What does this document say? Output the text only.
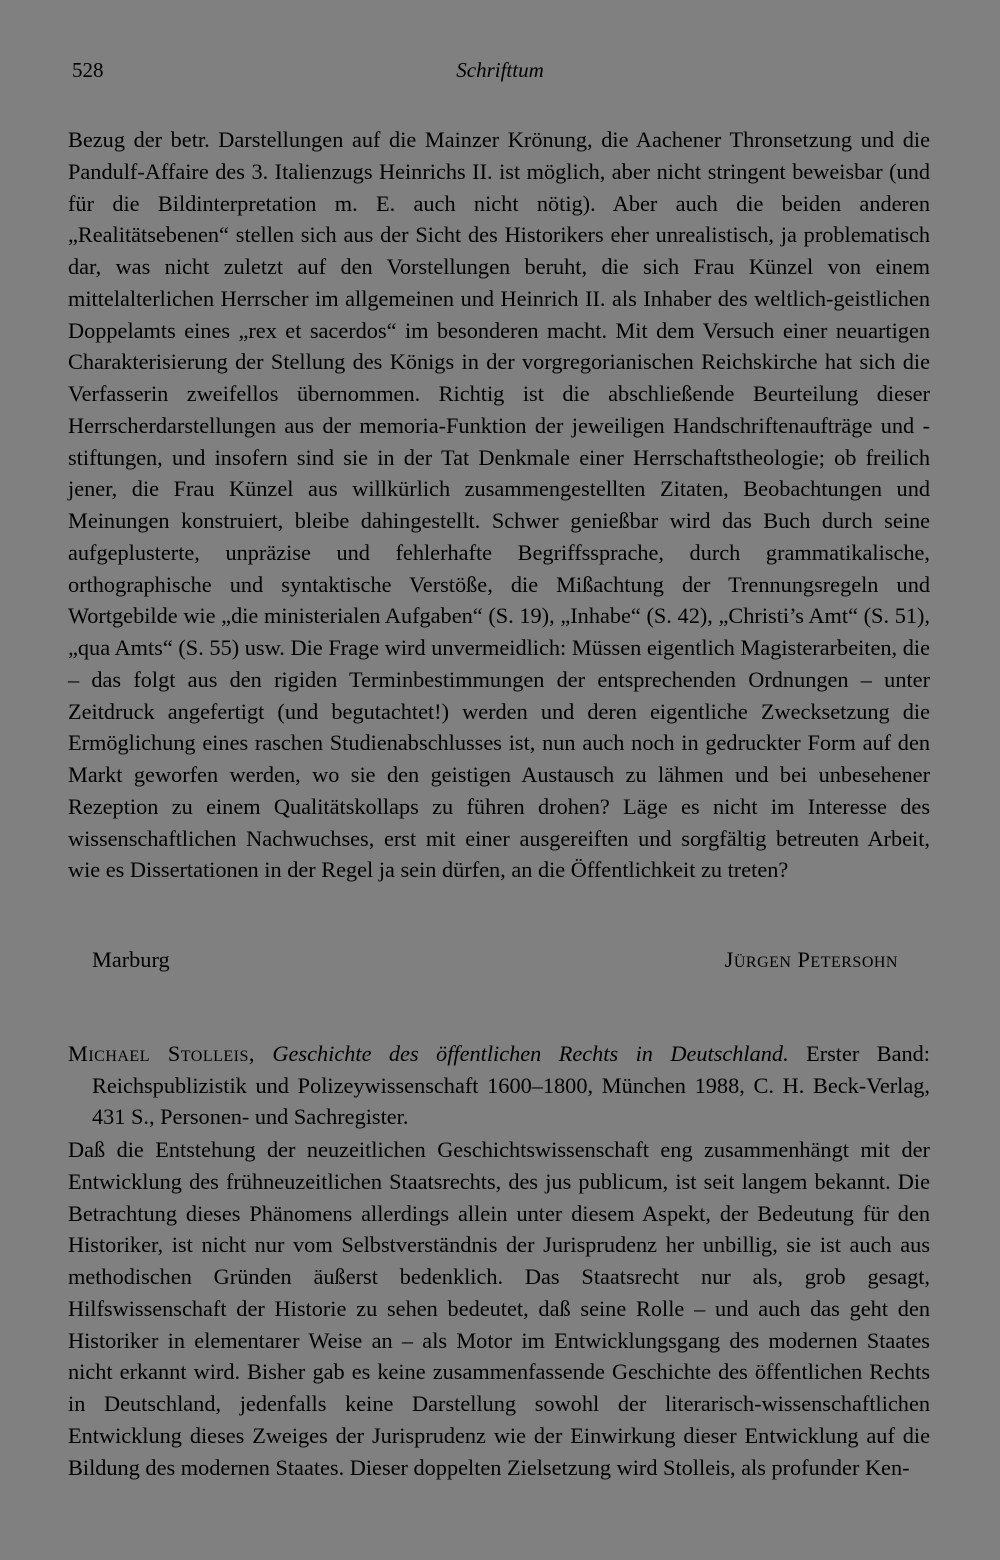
528	Schrifttum

Bezug der betr. Darstellungen auf die Mainzer Krönung, die Aachener Thronsetzung und die Pandulf-Affaire des 3. Italienzugs Heinrichs II. ist möglich, aber nicht stringent beweisbar (und für die Bildinterpretation m. E. auch nicht nötig). Aber auch die beiden anderen „Realitätsebenen“ stellen sich aus der Sicht des Historikers eher unrealistisch, ja problematisch dar, was nicht zuletzt auf den Vorstellungen beruht, die sich Frau Künzel von einem mittelalterlichen Herrscher im allgemeinen und Heinrich II. als Inhaber des weltlich-geistlichen Doppelamts eines „rex et sacerdos“ im besonderen macht. Mit dem Versuch einer neuartigen Charakterisierung der Stellung des Königs in der vorgregorianischen Reichskirche hat sich die Verfasserin zweifellos übernommen. Richtig ist die abschließende Beurteilung dieser Herrscherdarstellungen aus der memoria-Funktion der jeweiligen Handschriftenaufträge und -stiftungen, und insofern sind sie in der Tat Denkmale einer Herrschaftstheologie; ob freilich jener, die Frau Künzel aus willkürlich zusammengestellten Zitaten, Beobachtungen und Meinungen konstruiert, bleibe dahingestellt. Schwer genießbar wird das Buch durch seine aufgeplusterte, unpräzise und fehlerhafte Begriffssprache, durch grammatikalische, orthographische und syntaktische Verstöße, die Mißachtung der Trennungsregeln und Wortgebilde wie „die ministerialen Aufgaben“ (S. 19), „Inhabe“ (S. 42), „Christi’s Amt“ (S. 51), „qua Amts“ (S. 55) usw. Die Frage wird unvermeidlich: Müssen eigentlich Magisterarbeiten, die – das folgt aus den rigiden Terminbestimmungen der entsprechenden Ordnungen – unter Zeitdruck angefertigt (und begutachtet!) werden und deren eigentliche Zwecksetzung die Ermöglichung eines raschen Studienabschlusses ist, nun auch noch in gedruckter Form auf den Markt geworfen werden, wo sie den geistigen Austausch zu lähmen und bei unbesehener Rezeption zu einem Qualitätskollaps zu führen drohen? Läge es nicht im Interesse des wissenschaftlichen Nachwuchses, erst mit einer ausgereiften und sorgfältig betreuten Arbeit, wie es Dissertationen in der Regel ja sein dürfen, an die Öffentlichkeit zu treten?

Marburg	Jürgen Petersohn

Michael Stolleis, Geschichte des öffentlichen Rechts in Deutschland. Erster Band: Reichspublizistik und Polizeywissenschaft 1600–1800, München 1988, C. H. Beck-Verlag, 431 S., Personen- und Sachregister.

Daß die Entstehung der neuzeitlichen Geschichtswissenschaft eng zusammenhängt mit der Entwicklung des frühneuzeitlichen Staatsrechts, des jus publicum, ist seit langem bekannt. Die Betrachtung dieses Phänomens allerdings allein unter diesem Aspekt, der Bedeutung für den Historiker, ist nicht nur vom Selbstverständnis der Jurisprudenz her unbillig, sie ist auch aus methodischen Gründen äußerst bedenklich. Das Staatsrecht nur als, grob gesagt, Hilfswissenschaft der Historie zu sehen bedeutet, daß seine Rolle – und auch das geht den Historiker in elementarer Weise an – als Motor im Entwicklungsgang des modernen Staates nicht erkannt wird. Bisher gab es keine zusammenfassende Geschichte des öffentlichen Rechts in Deutschland, jedenfalls keine Darstellung sowohl der literarisch-wissenschaftlichen Entwicklung dieses Zweiges der Jurisprudenz wie der Einwirkung dieser Entwicklung auf die Bildung des modernen Staates. Dieser doppelten Zielsetzung wird Stolleis, als profunder Ken-
